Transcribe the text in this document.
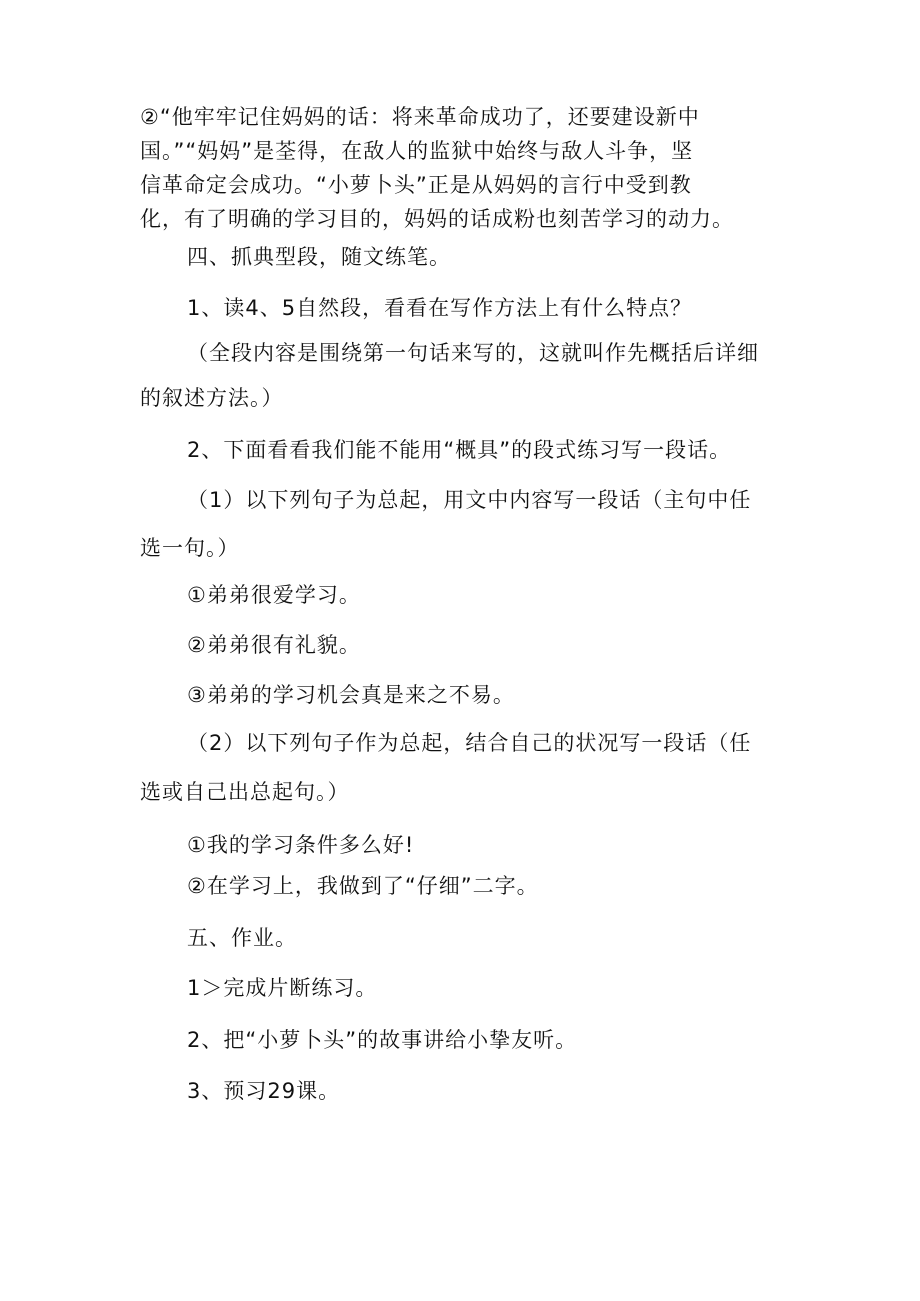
②“他牢牢记住妈妈的话：将来革命成功了，还要建设新中
国。”“妈妈”是荃得，在敌人的监狱中始终与敌人斗争，坚
信革命定会成功。“小萝卜头”正是从妈妈的言行中受到教
化，有了明确的学习目的，妈妈的话成粉也刻苦学习的动力。
四、抓典型段，随文练笔。
1、读4、5自然段，看看在写作方法上有什么特点？
（全段内容是围绕第一句话来写的，这就叫作先概括后详细
的叙述方法。）
2、下面看看我们能不能用“概具”的段式练习写一段话。
（1）以下列句子为总起，用文中内容写一段话（主句中任
选一句。）
①弟弟很爱学习。
②弟弟很有礼貌。
③弟弟的学习机会真是来之不易。
（2）以下列句子作为总起，结合自己的状况写一段话（任
选或自己出总起句。）
①我的学习条件多么好!
②在学习上，我做到了“仔细”二字。
五、作业。
1＞完成片断练习。
2、把“小萝卜头”的故事讲给小挚友听。
3、预习29课。
